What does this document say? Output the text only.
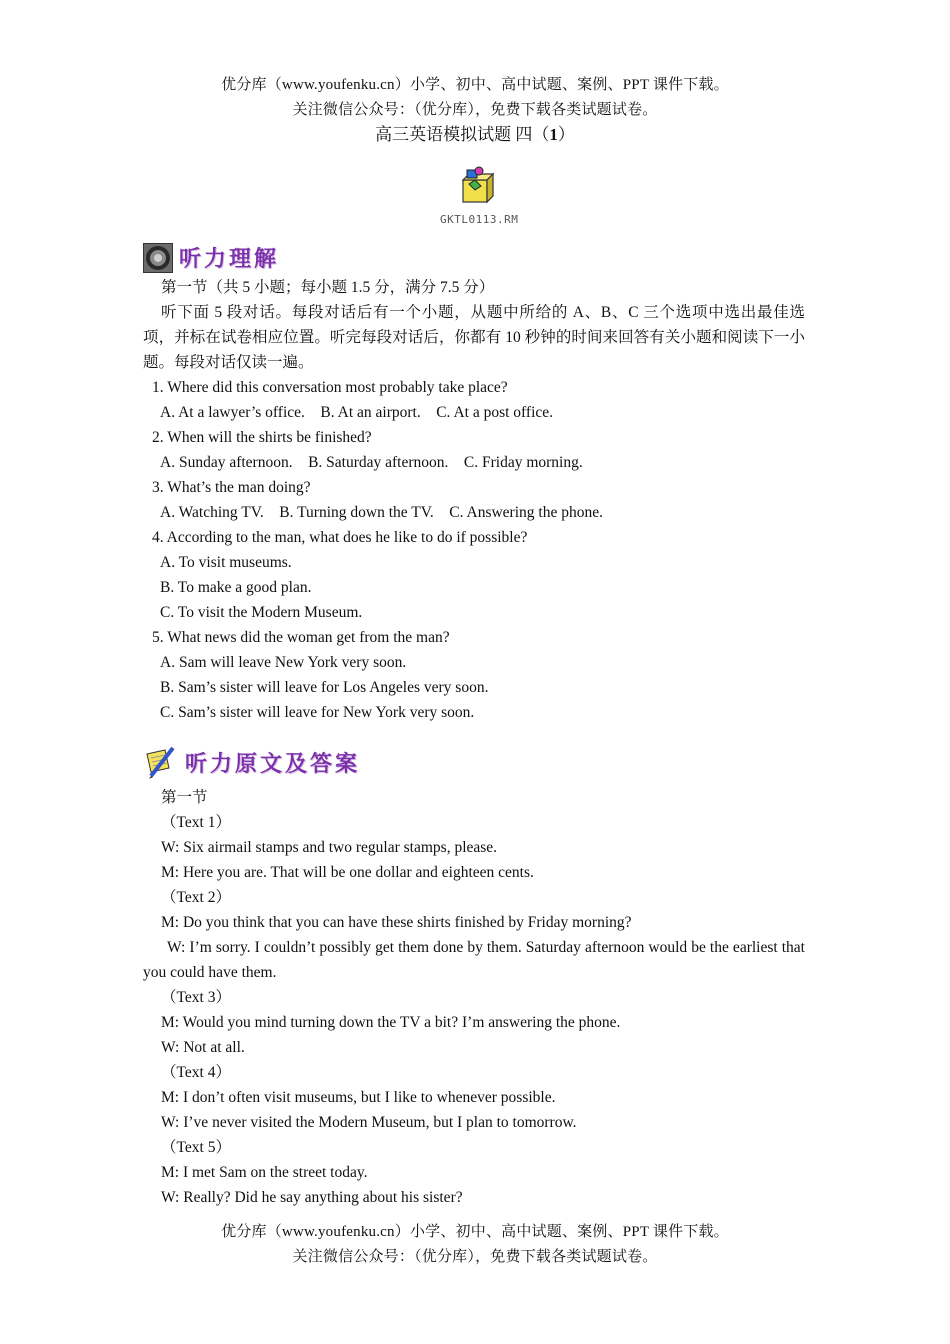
优分库（www.youfenku.cn）小学、初中、高中试题、案例、PPT 课件下载。
关注微信公众号：（优分库），免费下载各类试题试卷。
高三英语模拟试题 四（1）
GKTL0113.RM
听力理解

第一节（共 5 小题；每小题 1.5 分，满分 7.5 分）

听下面 5 段对话。每段对话后有一个小题，从题中所给的 A、B、C 三个选项中选出最佳选项，并标在试卷相应位置。听完每段对话后，你都有 10 秒钟的时间来回答有关小题和阅读下一小题。每段对话仅读一遍。

1. Where did this conversation most probably take place?

A. At a lawyer’s office.    B. At an airport.    C. At a post office.

2. When will the shirts be finished?

A. Sunday afternoon.    B. Saturday afternoon.    C. Friday morning.

3. What’s the man doing?

A. Watching TV.    B. Turning down the TV.    C. Answering the phone.

4. According to the man, what does he like to do if possible?

A. To visit museums.

B. To make a good plan.

C. To visit the Modern Museum.

5. What news did the woman get from the man?

A. Sam will leave New York very soon.

B. Sam’s sister will leave for Los Angeles very soon.

C. Sam’s sister will leave for New York very soon.

听力原文及答案

第一节

（Text 1）

W: Six airmail stamps and two regular stamps, please.

M: Here you are. That will be one dollar and eighteen cents.

（Text 2）

M: Do you think that you can have these shirts finished by Friday morning?

W: I’m sorry. I couldn’t possibly get them done by them. Saturday afternoon would be the earliest that you could have them.

（Text 3）

M: Would you mind turning down the TV a bit? I’m answering the phone.

W: Not at all.

（Text 4）

M: I don’t often visit museums, but I like to whenever possible.

W: I’ve never visited the Modern Museum, but I plan to tomorrow.

（Text 5）

M: I met Sam on the street today.

W: Really? Did he say anything about his sister?

优分库（www.youfenku.cn）小学、初中、高中试题、案例、PPT 课件下载。
关注微信公众号：（优分库），免费下载各类试题试卷。
